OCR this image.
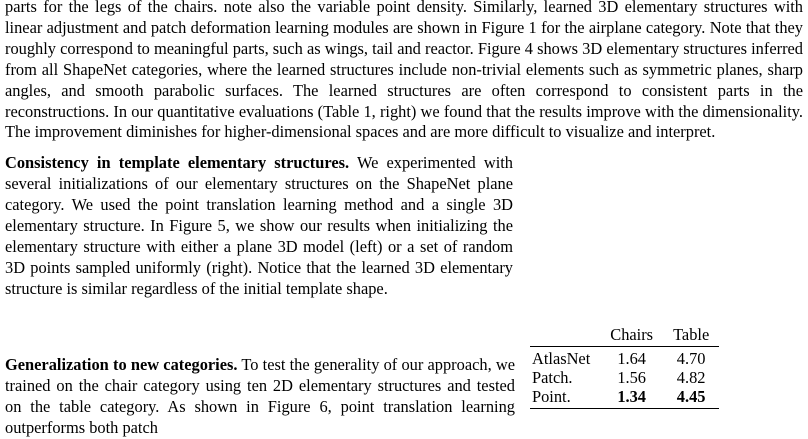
parts for the legs of the chairs. note also the variable point density. Similarly, learned 3D elementary structures with linear adjustment and patch deformation learning modules are shown in Figure 1 for the airplane category. Note that they roughly correspond to meaningful parts, such as wings, tail and reactor. Figure 4 shows 3D elementary structures inferred from all ShapeNet categories, where the learned structures include non-trivial elements such as symmetric planes, sharp angles, and smooth parabolic surfaces. The learned structures are often correspond to consistent parts in the reconstructions. In our quantitative evaluations (Table 1, right) we found that the results improve with the dimensionality. The improvement diminishes for higher-dimensional spaces and are more difficult to visualize and interpret.

Consistency in template elementary structures. We experimented with several initializations of our elementary structures on the ShapeNet plane category. We used the point translation learning method and a single 3D elementary structure. In Figure 5, we show our results when initializing the elementary structure with either a plane 3D model (left) or a set of random 3D points sampled uniformly (right). Notice that the learned 3D elementary structure is similar regardless of the initial template shape.

	Chairs	Table
AtlasNet	1.64	4.70
Patch.	1.56	4.82
Point.	1.34	4.45

Generalization to new categories. To test the generality of our approach, we trained on the chair category using ten 2D elementary structures and tested on the table category. As shown in Figure 6, point translation learning outperforms both patch
